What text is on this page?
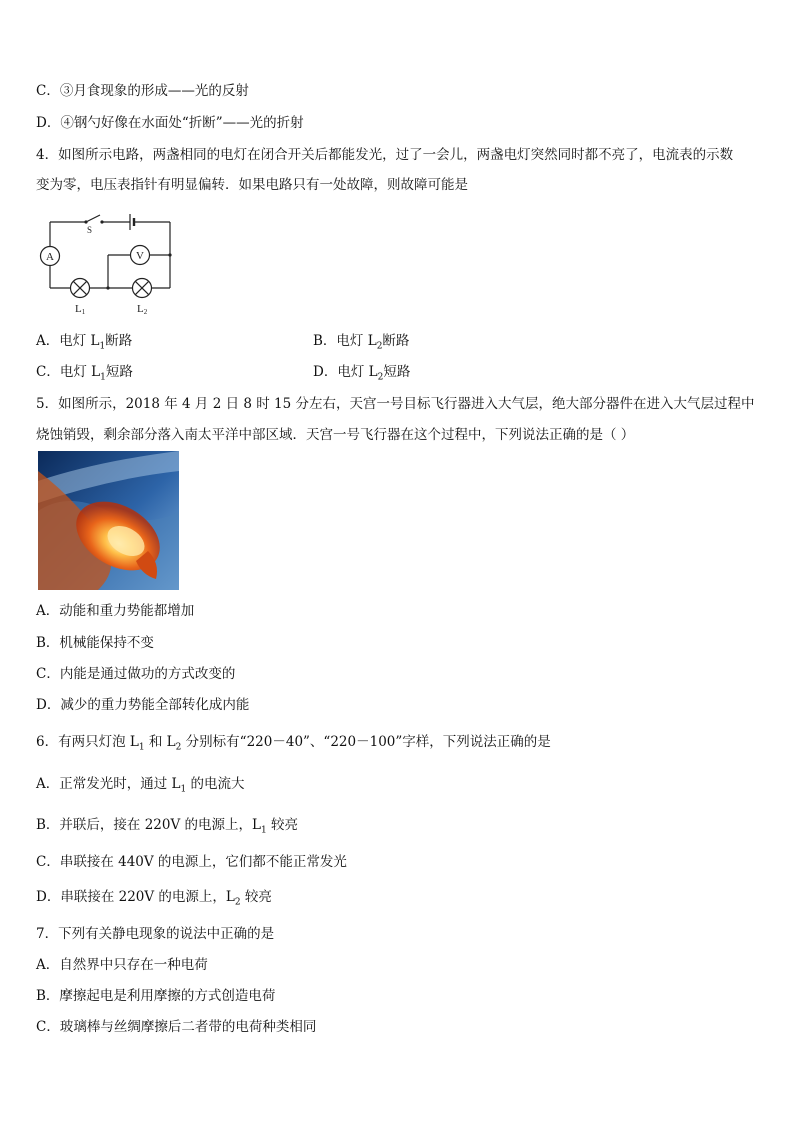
C．③月食现象的形成——光的反射
D．④钢勺好像在水面处“折断”——光的折射
4．如图所示电路，两盏相同的电灯在闭合开关后都能发光，过了一会儿，两盏电灯突然同时都不亮了，电流表的示数
变为零，电压表指针有明显偏转．如果电路只有一处故障，则故障可能是
S
A	V
L1	L2
A．电灯 $L_1$断路	B．电灯 $L_2$断路
C．电灯 $L_1$短路	D．电灯 $L_2$短路
5．如图所示，2018 年 4 月 2 日 8 时 15 分左右，天宫一号目标飞行器进入大气层，绝大部分器件在进入大气层过程中
烧蚀销毁，剩余部分落入南太平洋中部区域．天宫一号飞行器在这个过程中，下列说法正确的是（ ）
A．动能和重力势能都增加
B．机械能保持不变
C．内能是通过做功的方式改变的
D．减少的重力势能全部转化成内能
6．有两只灯泡 $L_1$ 和 $L_2$ 分别标有“220－40”、“220－100”字样，下列说法正确的是
A．正常发光时，通过 $L_1$ 的电流大
B．并联后，接在 220V 的电源上，$L_1$ 较亮
C．串联接在 440V 的电源上，它们都不能正常发光
D．串联接在 220V 的电源上，$L_2$ 较亮
7．下列有关静电现象的说法中正确的是
A．自然界中只存在一种电荷
B．摩擦起电是利用摩擦的方式创造电荷
C．玻璃棒与丝绸摩擦后二者带的电荷种类相同
